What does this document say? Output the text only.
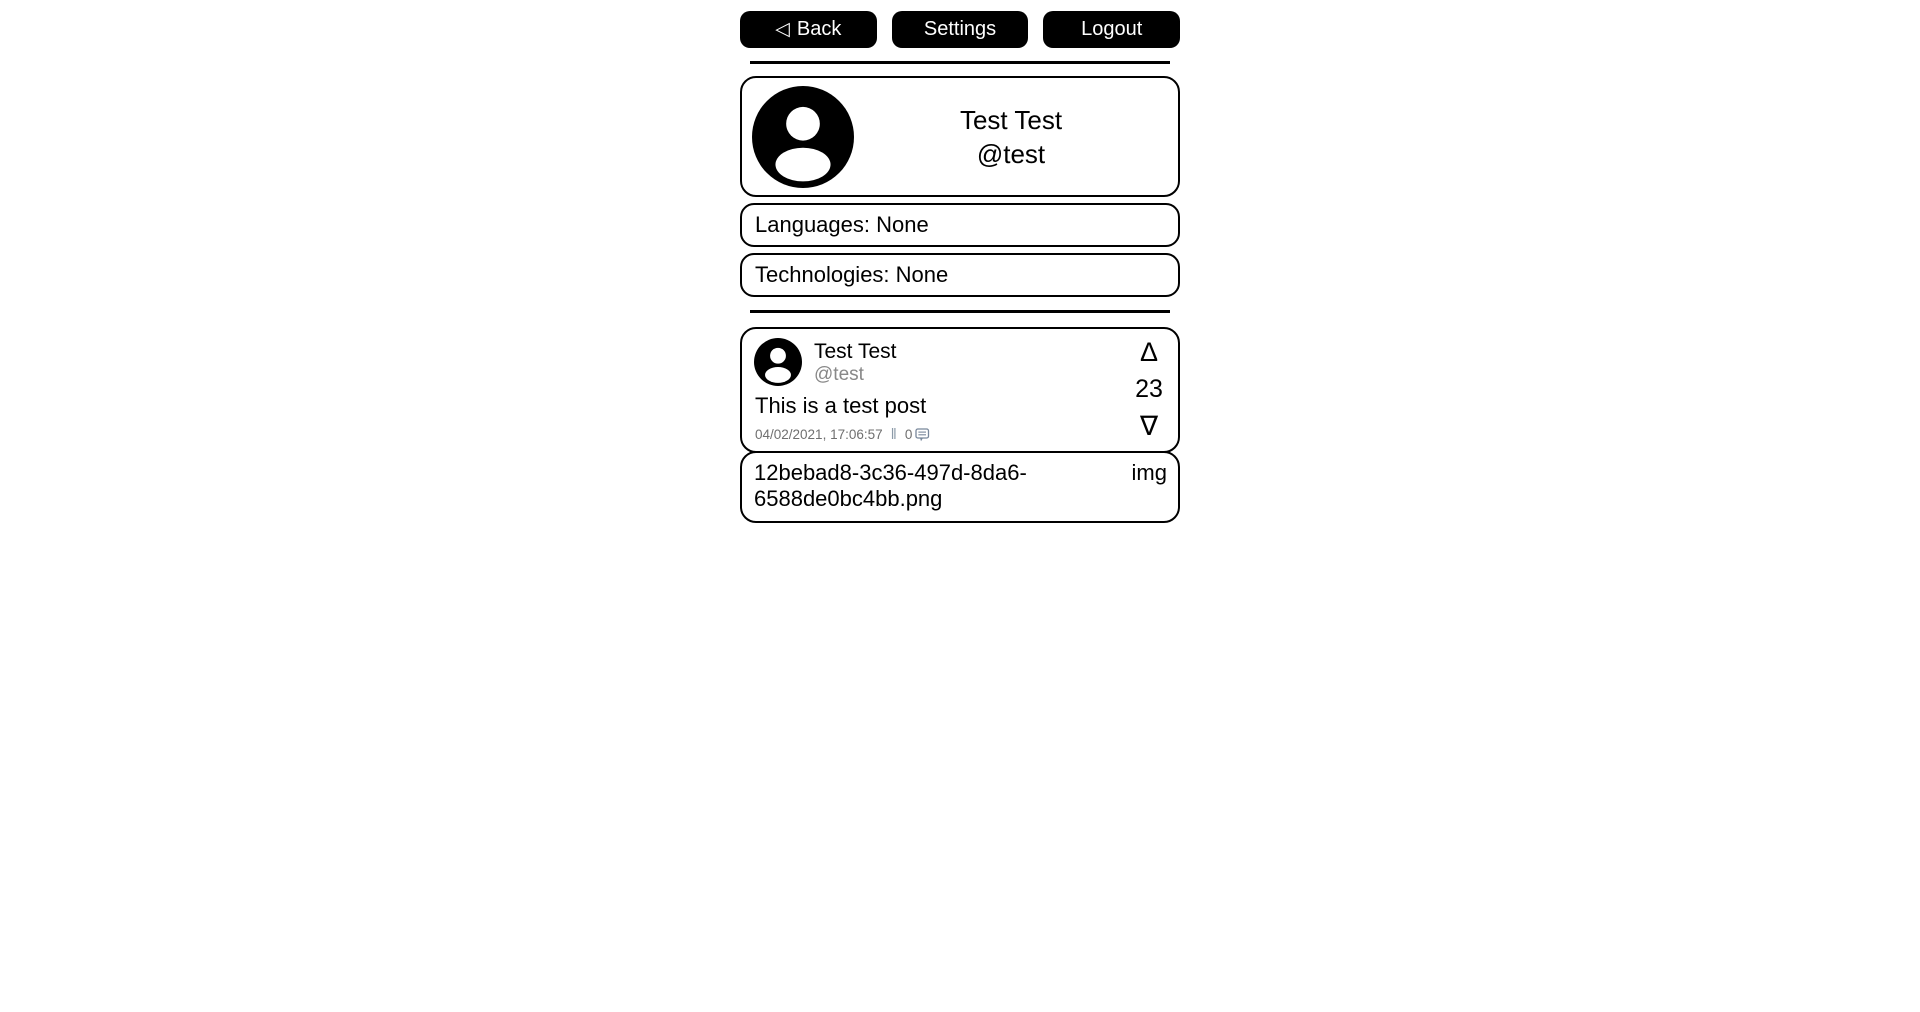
◁ Back	Settings	Logout
Test Test
@test
Languages: None
Technologies: None
Test Test
@test
This is a test post
04/02/2021, 17:06:57 ‖ 0
Δ
23
∇
12bebad8-3c36-497d-8da6-6588de0bc4bb.png
img
